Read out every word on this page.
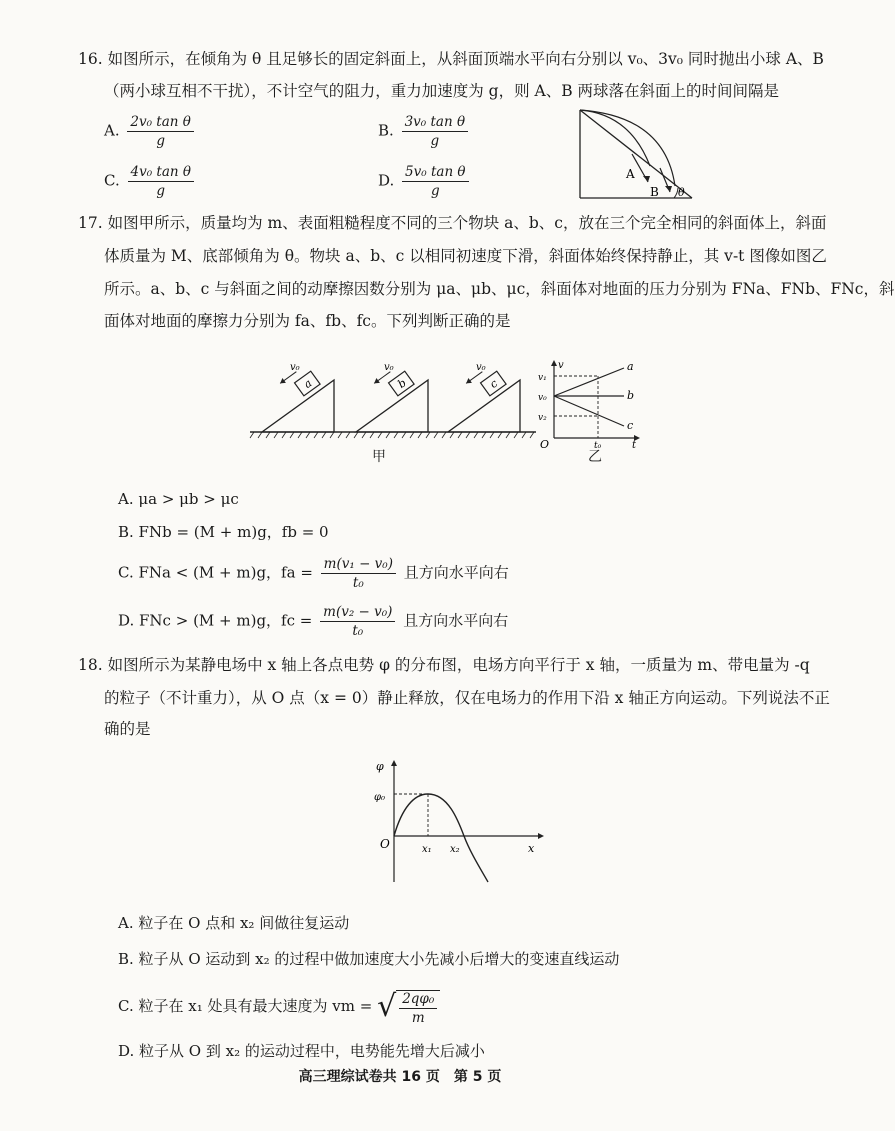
16. 如图所示，在倾角为 θ 且足够长的固定斜面上，从斜面顶端水平向右分别以 v₀、3v₀ 同时抛出小球 A、B
（两小球互相不干扰），不计空气的阻力，重力加速度为 g，则 A、B 两球落在斜面上的时间间隔是
A. $\frac{\text{2v₀ tan θ}}{g}$	B. $\frac{\text{3v₀ tan θ}}{g}$
C. $\frac{\text{4v₀ tan θ}}{g}$	D. $\frac{\text{5v₀ tan θ}}{g}$	A
B θ
17. 如图甲所示，质量均为 m、表面粗糙程度不同的三个物块 a、b、c，放在三个完全相同的斜面体上，斜面
体质量为 M、底部倾角为 θ。物块 a、b、c 以相同初速度下滑，斜面体始终保持静止，其 v-t 图像如图乙
所示。a、b、c 与斜面之间的动摩擦因数分别为 μa、μb、μc，斜面体对地面的压力分别为 FNa、FNb、FNc，斜
面体对地面的摩擦力分别为 fa、fb、fc。下列判断正确的是
a
v₀
b
v₀
c
v₀
甲
v
t
O
v₁
v₀
v₂
t₀
a
b
c
乙
A. μa > μb > μc
B. FNb = (M + m)g，fb = 0
C. FNa < (M + m)g，fa = $\frac{\text{m(v₁ − v₀)}}{\text{t₀}}$ 且方向水平向右
D. FNc > (M + m)g，fc = $\frac{\text{m(v₂ − v₀)}}{\text{t₀}}$ 且方向水平向右
18. 如图所示为某静电场中 x 轴上各点电势 φ 的分布图，电场方向平行于 x 轴，一质量为 m、带电量为 -q
的粒子（不计重力），从 O 点（x = 0）静止释放，仅在电场力的作用下沿 x 轴正方向运动。下列说法不正
确的是
φ
φ₀
O	x₁ x₂	x
A. 粒子在 O 点和 x₂ 间做往复运动
B. 粒子从 O 运动到 x₂ 的过程中做加速度大小先减小后增大的变速直线运动
C. 粒子在 x₁ 处具有最大速度为 vm = √ $\frac{\text{2qφ₀}}{m}$
D. 粒子从 O 到 x₂ 的运动过程中，电势能先增大后减小
高三理综试卷共 16 页　第 5 页
